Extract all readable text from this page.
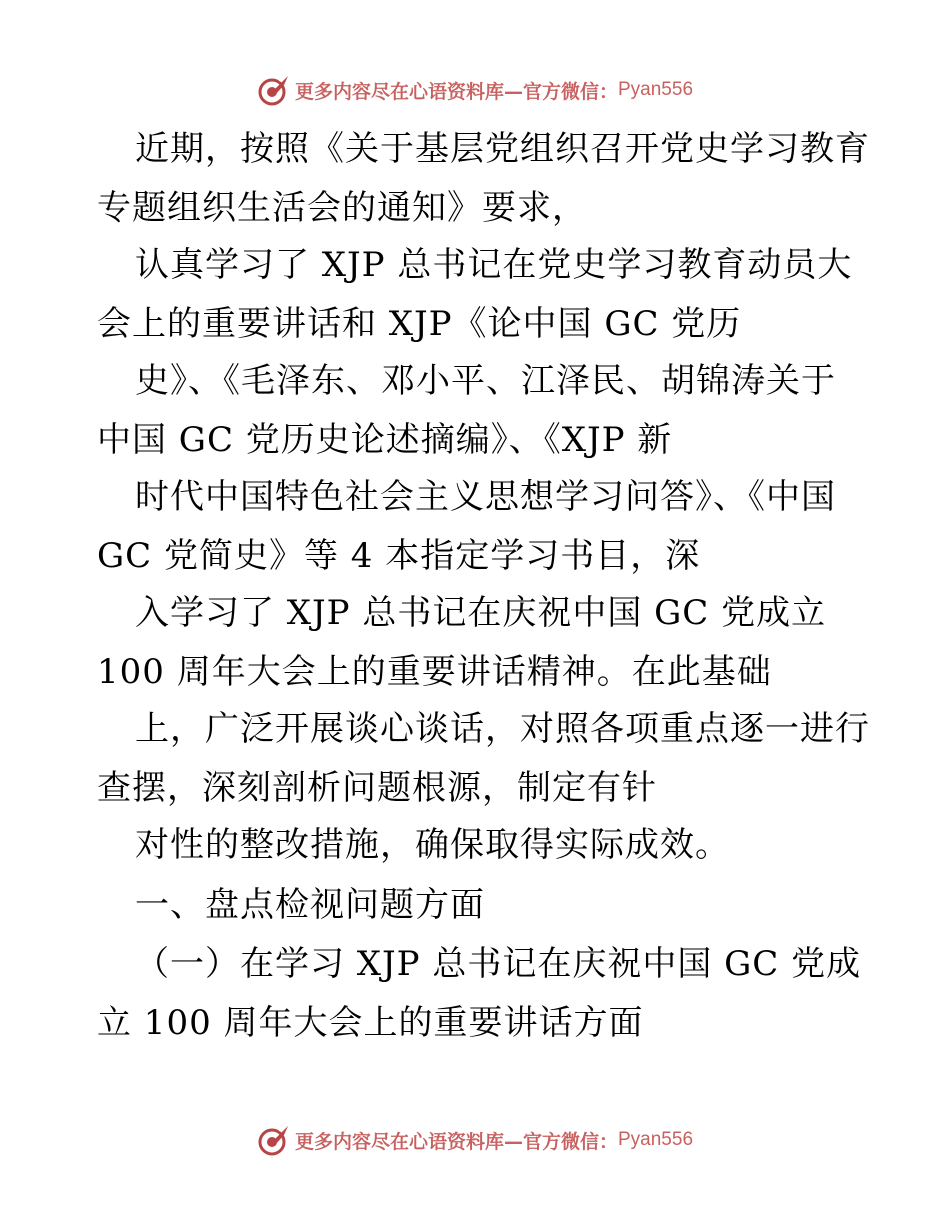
更多内容尽在心语资料库—官方微信： Pyan556
近期，按照《关于基层党组织召开党史学习教育
专题组织生活会的通知》要求，
认真学习了 XJP 总书记在党史学习教育动员大
会上的重要讲话和 XJP《论中国 GC 党历
史》、《毛泽东、邓小平、江泽民、胡锦涛关于
中国 GC 党历史论述摘编》、《XJP 新
时代中国特色社会主义思想学习问答》、《中国
GC 党简史》等 4 本指定学习书目，深
入学习了 XJP 总书记在庆祝中国 GC 党成立
100 周年大会上的重要讲话精神。在此基础
上，广泛开展谈心谈话，对照各项重点逐一进行
查摆，深刻剖析问题根源，制定有针
对性的整改措施，确保取得实际成效。
一、盘点检视问题方面
（一）在学习 XJP 总书记在庆祝中国 GC 党成
立 100 周年大会上的重要讲话方面
更多内容尽在心语资料库—官方微信： Pyan556
